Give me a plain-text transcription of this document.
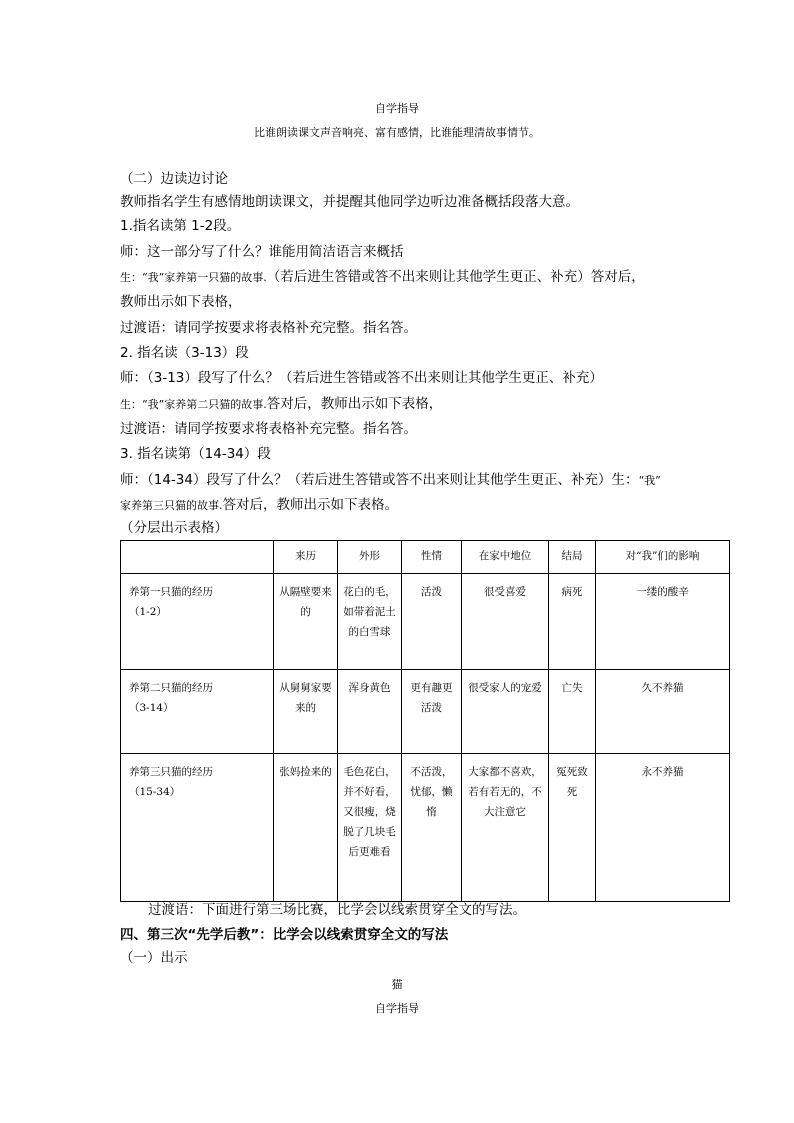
自学指导
比谁朗读课文声音响亮、富有感情，比谁能理清故事情节。
（二）边读边讨论
教师指名学生有感情地朗读课文，并提醒其他同学边听边准备概括段落大意。
1.指名读第 1-2段。
师：这一部分写了什么？谁能用简洁语言来概括
生：“我”家养第一只猫的故事.（若后进生答错或答不出来则让其他学生更正、补充）答对后，
教师出示如下表格，
过渡语：请同学按要求将表格补充完整。指名答。
2. 指名读（3-13）段
师：（3-13）段写了什么？（若后进生答错或答不出来则让其他学生更正、补充）
生：“我”家养第二只猫的故事.答对后，教师出示如下表格，
过渡语：请同学按要求将表格补充完整。指名答。
3. 指名读第（14-34）段
师：（14-34）段写了什么？（若后进生答错或答不出来则让其他学生更正、补充）生：“我”
家养第三只猫的故事.答对后，教师出示如下表格。
（分层出示表格）
	来历	外形	性情	在家中地位	结局	对“我”们的影响

养第一只猫的经历
（1-2）	从隔壁要来的	花白的毛，如带着泥土的白雪球	活泼	很受喜爱	病死	一缕的酸辛

养第二只猫的经历
（3-14）	从舅舅家要来的	浑身黄色	更有趣更活泼	很受家人的宠爱	亡失	久不养猫

养第三只猫的经历
（15-34）	张妈捡来的	毛色花白，并不好看，又很瘦，烧脱了几块毛后更难看	不活泼，忧郁，懒惰	大家都不喜欢，若有若无的，不大注意它	冤死致死	永不养猫
过渡语：下面进行第三场比赛，比学会以线索贯穿全文的写法。
四、第三次“先学后教”：比学会以线索贯穿全文的写法
（一）出示
猫
自学指导
